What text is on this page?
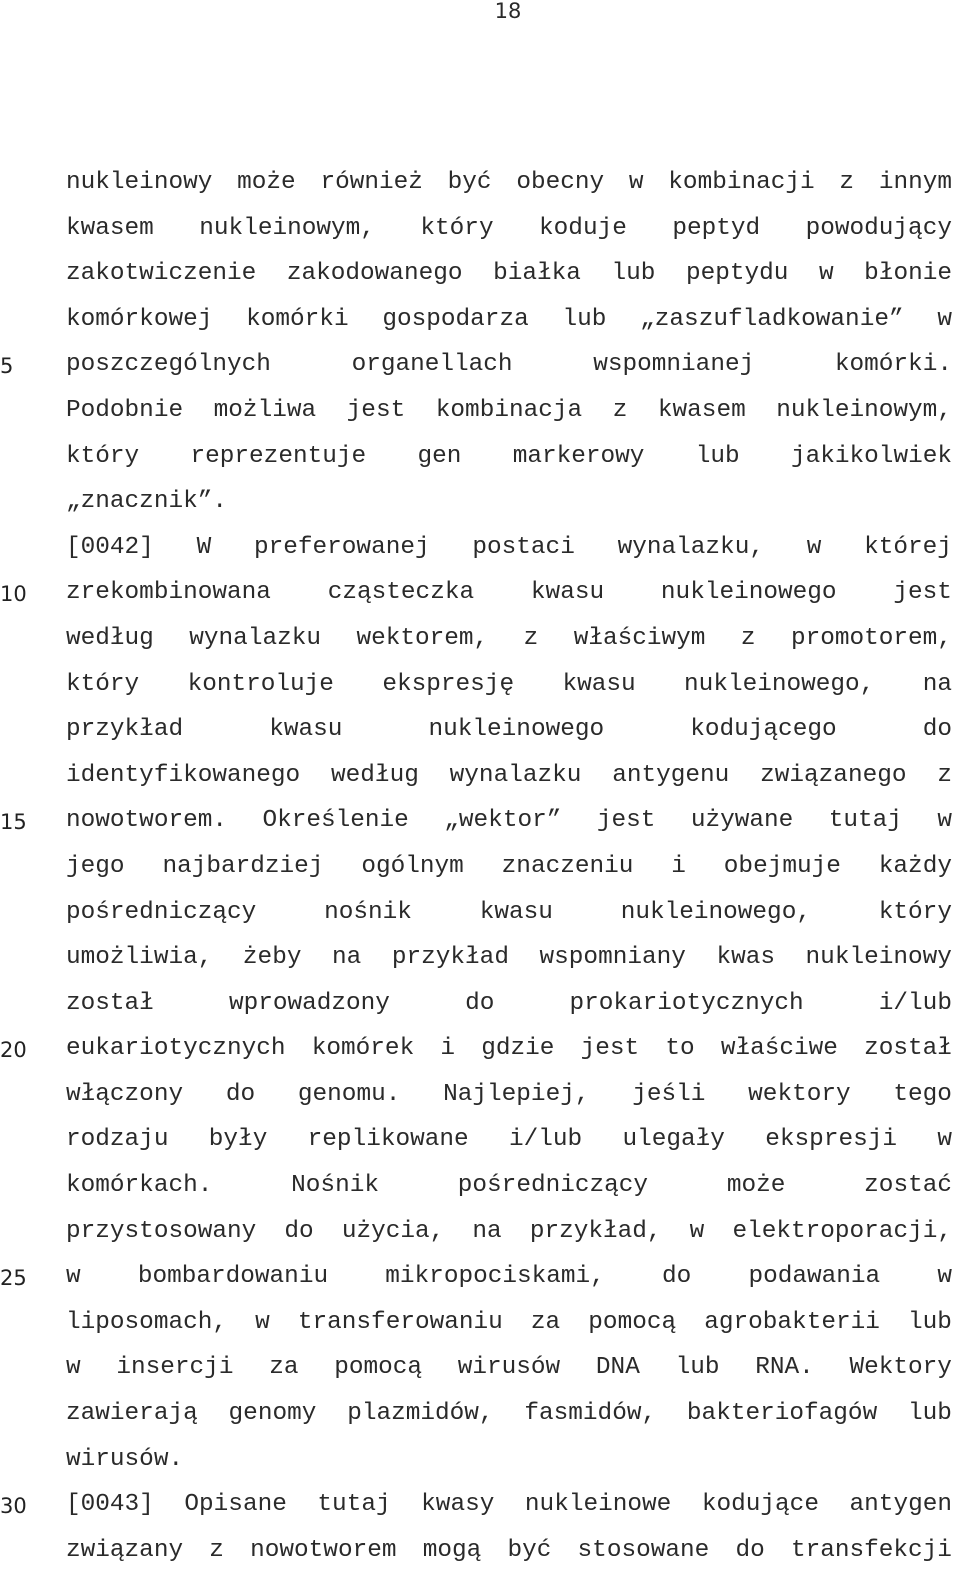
18
5
10
15
20
25
30
nukleinowy może również być obecny w kombinacji z innym
kwasem nukleinowym, który koduje peptyd powodujący
zakotwiczenie zakodowanego białka lub peptydu w błonie
komórkowej komórki gospodarza lub „zaszufladkowanie” w
poszczególnych	organellach	wspomnianej	komórki.
Podobnie możliwa jest kombinacja z kwasem nukleinowym,
który reprezentuje gen markerowy lub jakikolwiek
„znacznik”.
[0042] W preferowanej postaci wynalazku, w której
zrekombinowana cząsteczka kwasu nukleinowego jest
według wynalazku wektorem, z właściwym z promotorem,
który kontroluje ekspresję kwasu nukleinowego, na
przykład	kwasu	nukleinowego	kodującego	do
identyfikowanego według wynalazku antygenu związanego z
nowotworem. Określenie „wektor” jest używane tutaj w
jego najbardziej ogólnym znaczeniu i obejmuje każdy
pośredniczący	nośnik	kwasu	nukleinowego,	który
umożliwia, żeby na przykład wspomniany kwas nukleinowy
został	wprowadzony	do	prokariotycznych	i/lub
eukariotycznych komórek i gdzie jest to właściwe został
włączony do genomu. Najlepiej, jeśli wektory tego
rodzaju były replikowane i/lub ulegały ekspresji w
komórkach.	Nośnik	pośredniczący	może	zostać
przystosowany do użycia, na przykład, w elektroporacji,
w bombardowaniu mikropociskami, do podawania w
liposomach, w transferowaniu za pomocą agrobakterii lub
w insercji za pomocą wirusów DNA lub RNA. Wektory
zawierają genomy plazmidów, fasmidów, bakteriofagów lub
wirusów.
[0043] Opisane tutaj kwasy nukleinowe kodujące antygen
związany z nowotworem mogą być stosowane do transfekcji
